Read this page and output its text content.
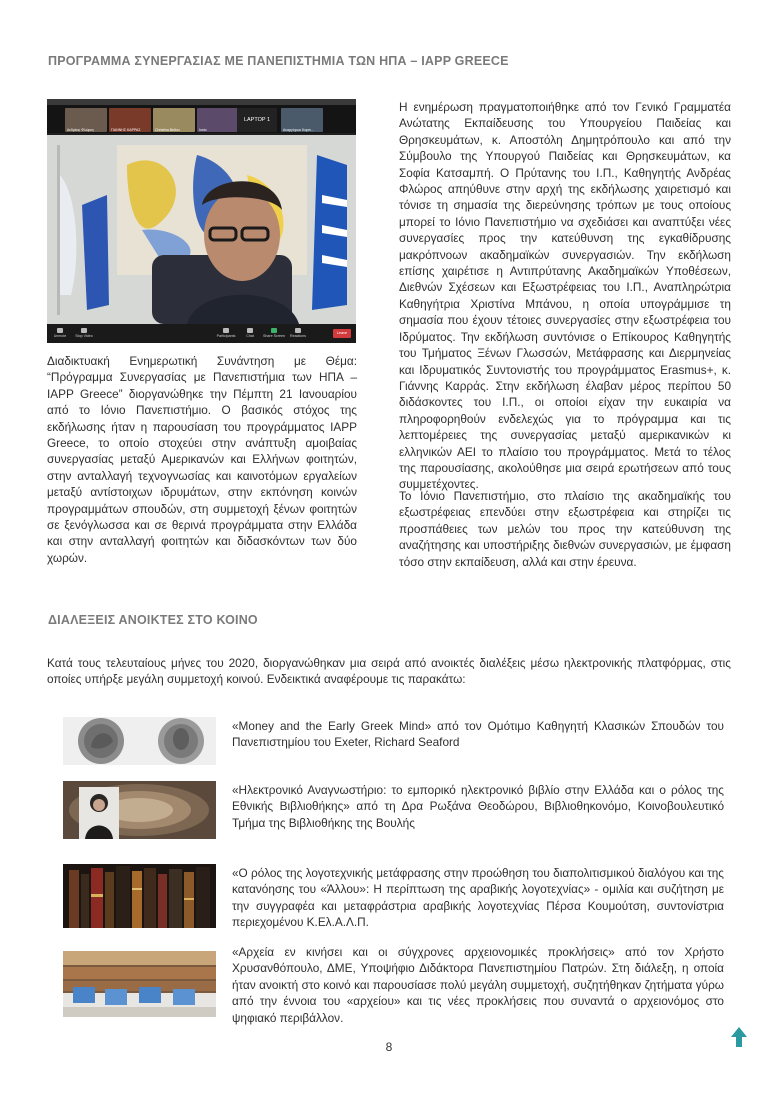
ΠΡΟΓΡΑΜΜΑ ΣΥΝΕΡΓΑΣΙΑΣ ΜΕ ΠΑΝΕΠΙΣΤΗΜΙΑ ΤΩΝ ΗΠΑ – IAPP GREECE
Ανδρέας Φλώρος	ΓΙΑΝΝΗΣ ΚΑΡΡΑΣ	Christina Bellou	Ionio
LAPTOP 1
Αναργύρων Καρπ...
Unmute	Stop Video	Participants	Chat	Share Screen	Reactions
Leave
Διαδικτυακή Ενημερωτική Συνάντηση με Θέμα: “Πρόγραμμα Συνεργασίας με Πανεπιστήμια των ΗΠΑ – IAPP Greece” διοργανώθηκε την Πέμπτη 21 Ιανουαρίου από το Ιόνιο Πανεπιστήμιο. Ο βασικός στόχος της εκδήλωσης ήταν η παρουσίαση του προγράμματος IAPP Greece, το οποίο στοχεύει στην ανάπτυξη αμοιβαίας συνεργασίας μεταξύ Αμερικανών και Ελλήνων φοιτητών, στην ανταλλαγή τεχνογνωσίας και καινοτόμων εργαλείων μεταξύ αντίστοιχων ιδρυμάτων, στην εκπόνηση κοινών προγραμμάτων σπουδών, στη συμμετοχή ξένων φοιτητών σε ξενόγλωσσα και σε θερινά προγράμματα στην Ελλάδα και στην ανταλλαγή φοιτητών και διδασκόντων των δύο χωρών.
Η ενημέρωση πραγματοποιήθηκε από τον Γενικό Γραμματέα Ανώτατης Εκπαίδευσης του Υπουργείου Παιδείας και Θρησκευμάτων, κ. Αποστόλη Δημητρόπουλο και από την Σύμβουλο της Υπουργού Παιδείας και Θρησκευμάτων, κα Σοφία Κατσαμπή. Ο Πρύτανης του Ι.Π., Καθηγητής Ανδρέας Φλώρος απηύθυνε στην αρχή της εκδήλωσης χαιρετισμό και τόνισε τη σημασία της διερεύνησης τρόπων με τους οποίους μπορεί το Ιόνιο Πανεπιστήμιο να σχεδιάσει και αναπτύξει νέες συνεργασίες προς την κατεύθυνση της εγκαθίδρυσης μακρόπνοων ακαδημαϊκών συνεργασιών. Την εκδήλωση επίσης χαιρέτισε η Αντιπρύτανης Ακαδημαϊκών Υποθέσεων, Διεθνών Σχέσεων και Εξωστρέφειας του Ι.Π., Αναπληρώτρια Καθηγήτρια Χριστίνα Μπάνου, η οποία υπογράμμισε τη σημασία που έχουν τέτοιες συνεργασίες στην εξωστρέφεια του Ιδρύματος. Την εκδήλωση συντόνισε ο Επίκουρος Καθηγητής του Τμήματος Ξένων Γλωσσών, Μετάφρασης και Διερμηνείας και Ιδρυματικός Συντονιστής του προγράμματος Erasmus+, κ. Γιάννης Καρράς. Στην εκδήλωση έλαβαν μέρος περίπου 50 διδάσκοντες του Ι.Π., οι οποίοι είχαν την ευκαιρία να πληροφορηθούν ενδελεχώς για το πρόγραμμα και τις λεπτομέρειες της συνεργασίας μεταξύ αμερικανικών κι ελληνικών ΑΕΙ το πλαίσιο του προγράμματος. Μετά το τέλος της παρουσίασης, ακολούθησε μια σειρά ερωτήσεων από τους συμμετέχοντες.
Το Ιόνιο Πανεπιστήμιο, στο πλαίσιο της ακαδημαϊκής του εξωστρέφειας επενδύει στην εξωστρέφεια και στηρίζει τις προσπάθειες των μελών του προς την κατεύθυνση της αναζήτησης και υποστήριξης διεθνών συνεργασιών, με έμφαση τόσο στην εκπαίδευση, αλλά και στην έρευνα.
ΔΙΑΛΕΞΕΙΣ ΑΝΟΙΚΤΕΣ ΣΤΟ ΚΟΙΝΟ
Κατά τους τελευταίους μήνες του 2020, διοργανώθηκαν μια σειρά από ανοικτές διαλέξεις μέσω ηλεκτρονικής πλατφόρμας, στις οποίες υπήρξε μεγάλη συμμετοχή κοινού. Ενδεικτικά αναφέρουμε τις παρακάτω:
«Money and the Early Greek Mind» από τον Ομότιμο Καθηγητή Κλασικών Σπουδών του Πανεπιστημίου του Exeter, Richard Seaford
«Ηλεκτρονικό Αναγνωστήριο: το εμπορικό ηλεκτρονικό βιβλίο στην Ελλάδα και ο ρόλος της Εθνικής Βιβλιοθήκης» από τη Δρα Ρωξάνα Θεοδώρου, Βιβλιοθηκονόμο, Κοινοβουλευτικό Τμήμα της Βιβλιοθήκης της Βουλής
«Ο ρόλος της λογοτεχνικής μετάφρασης στην προώθηση του διαπολιτισμικού διαλόγου και της κατανόησης του «Άλλου»: Η περίπτωση της αραβικής λογοτεχνίας» - ομιλία και συζήτηση με την συγγραφέα και μεταφράστρια αραβικής λογοτεχνίας Πέρσα Κουμούτση, συντονίστρια περιεχομένου Κ.Ελ.Α.Λ.Π.
«Αρχεία εν κινήσει και οι σύγχρονες αρχειονομικές προκλήσεις» από τον Χρήστο Χρυσανθόπουλο, ΔΜΕ, Υποψήφιο Διδάκτορα Πανεπιστημίου Πατρών. Στη διάλεξη, η οποία ήταν ανοικτή στο κοινό και παρουσίασε πολύ μεγάλη συμμετοχή, συζητήθηκαν ζητήματα γύρω από την έννοια του «αρχείου» και τις νέες προκλήσεις που συναντά ο αρχειονόμος στο ψηφιακό περιβάλλον.
8
